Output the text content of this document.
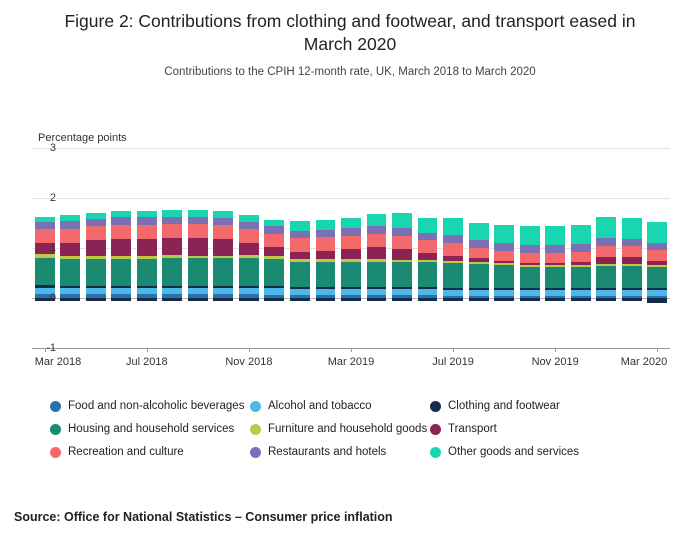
Figure 2: Contributions from clothing and footwear, and transport eased in March 2020
Contributions to the CPIH 12-month rate, UK, March 2018 to March 2020
Percentage points
-1
0
1
2
3
Mar 2018	Jul 2018	Nov 2018	Mar 2019	Jul 2019	Nov 2019	Mar 2020
Food and non-alcoholic beverages Alcohol and tobacco	Clothing and footwear
Housing and household services	Furniture and household goods Transport
Recreation and culture	Restaurants and hotels	Other goods and services
Source: Office for National Statistics – Consumer price inflation
